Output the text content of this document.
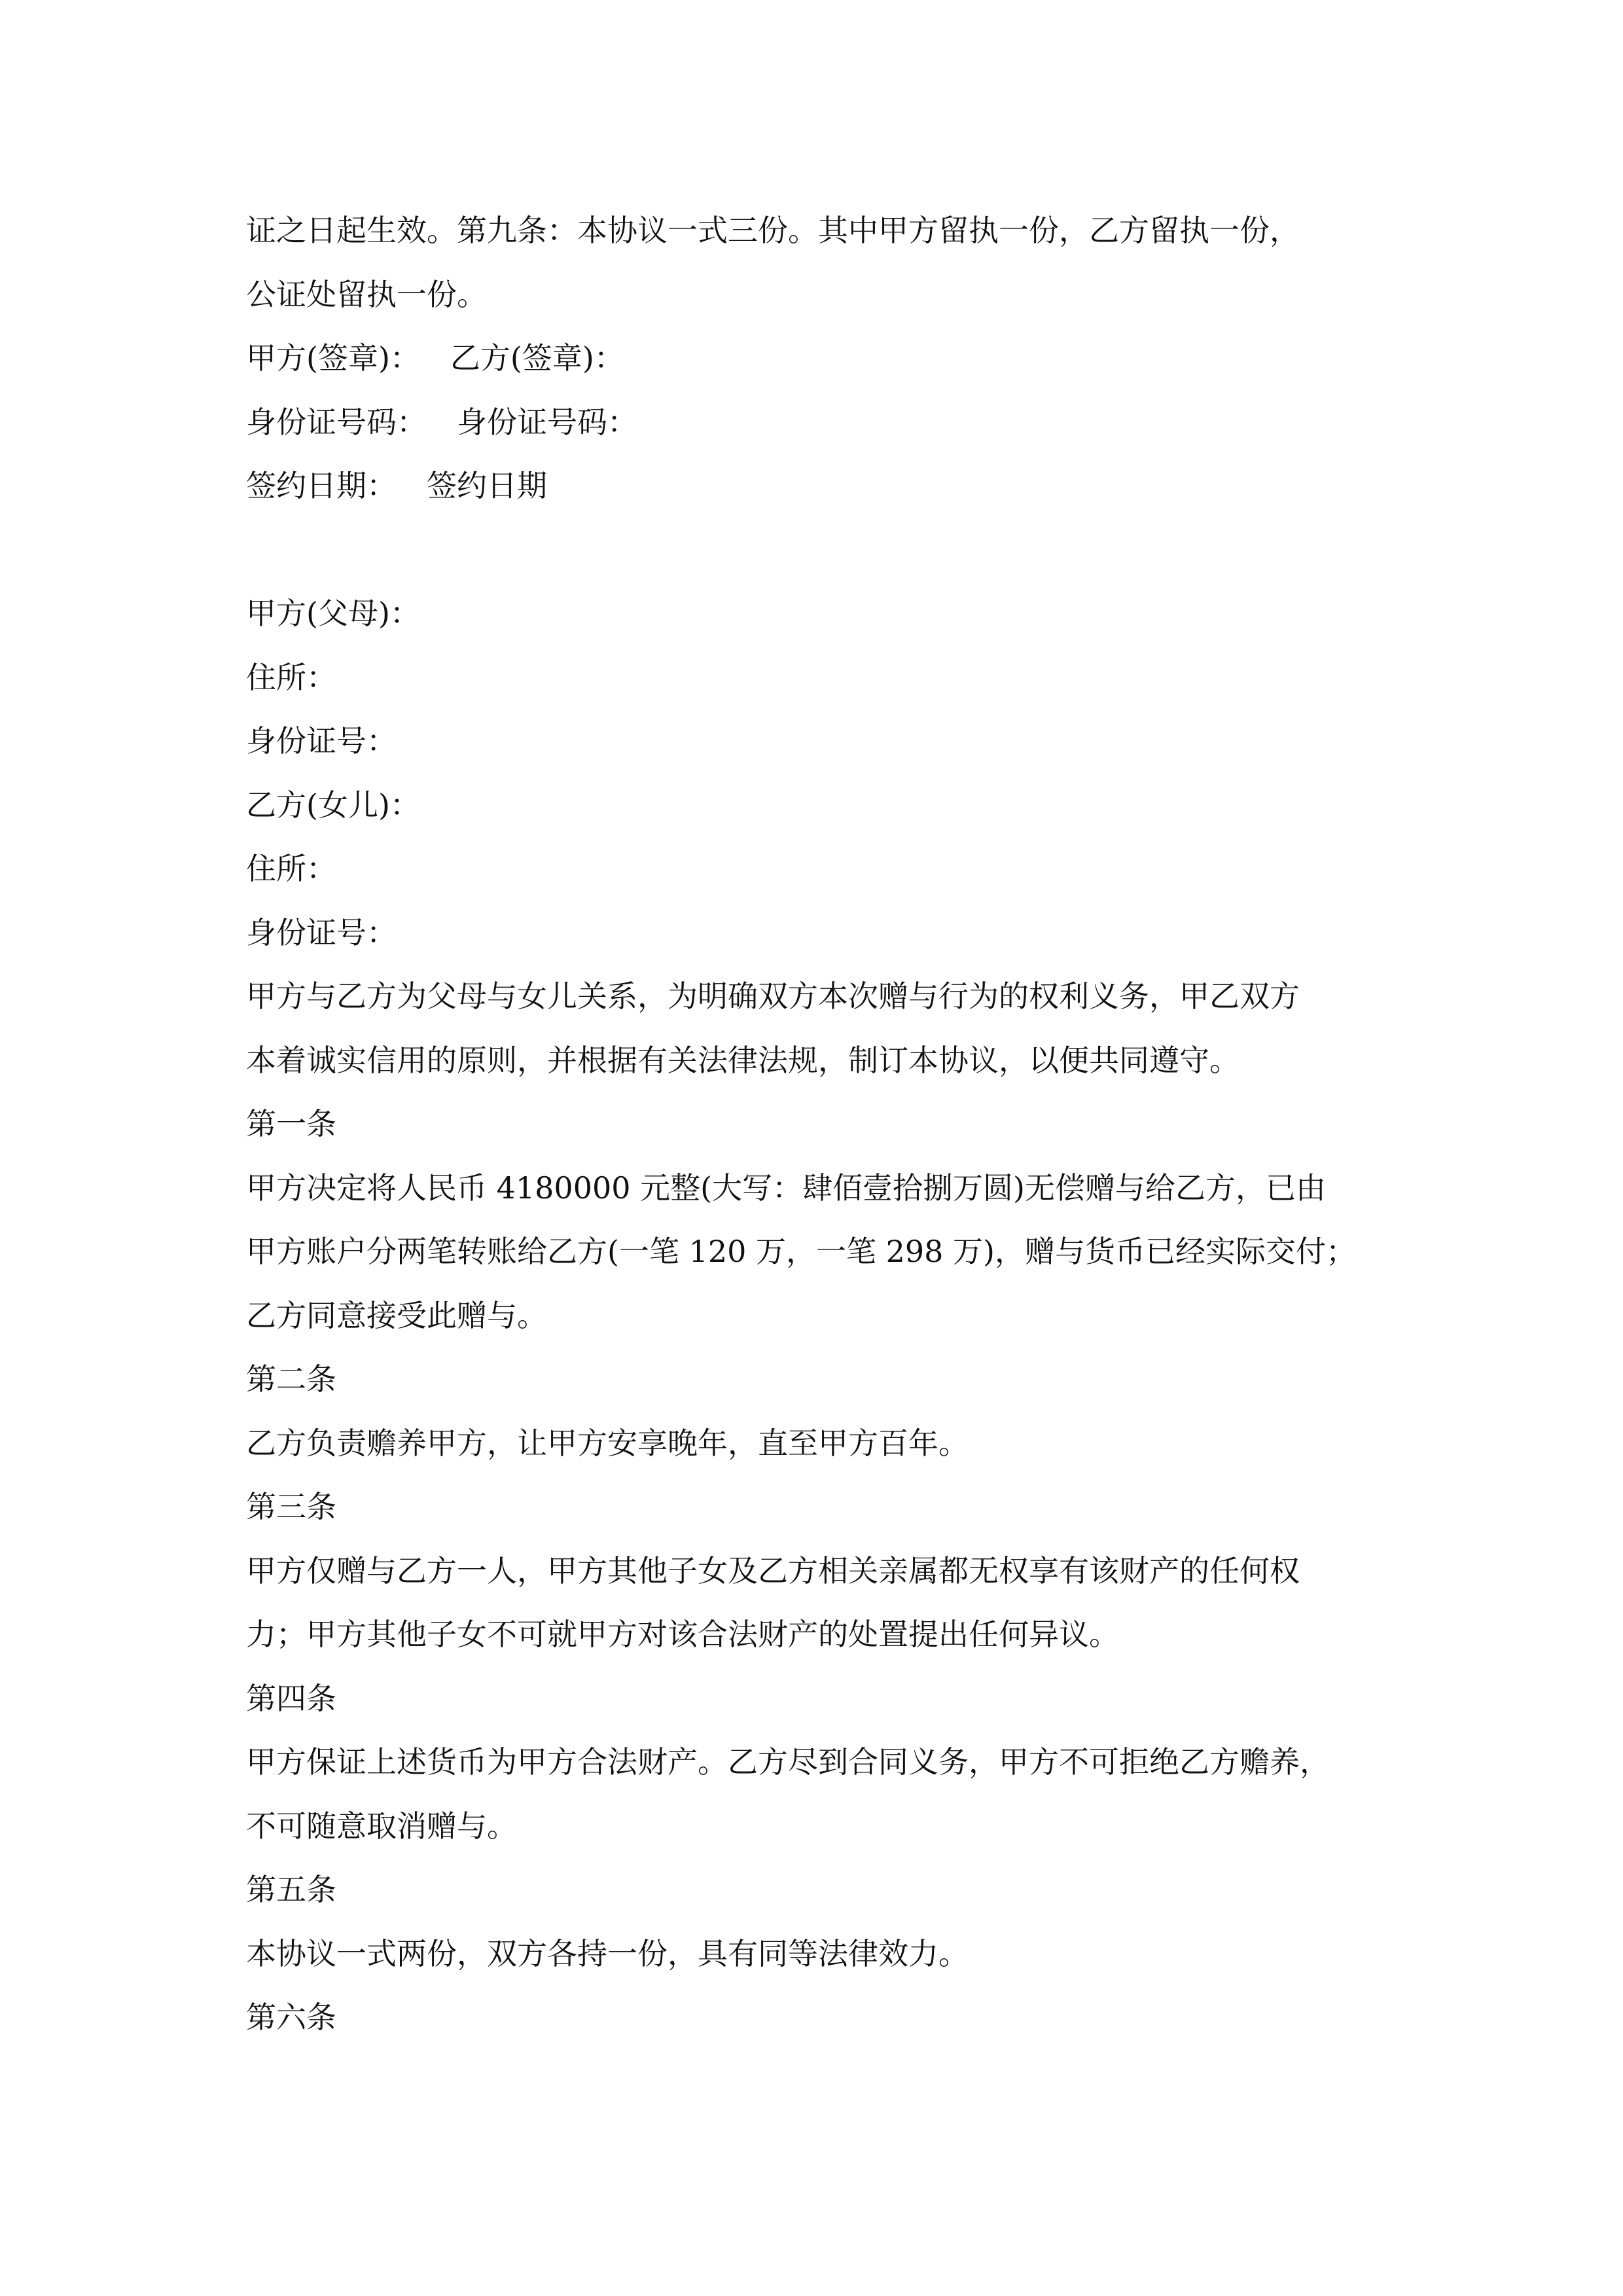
证之日起生效。第九条：本协议一式三份。其中甲方留执一份，乙方留执一份，

公证处留执一份。

甲方(签章)： 乙方(签章)：

身份证号码： 身份证号码：

签约日期： 签约日期

甲方(父母)：

住所：

身份证号：

乙方(女儿)：

住所：

身份证号：

甲方与乙方为父母与女儿关系，为明确双方本次赠与行为的权利义务，甲乙双方

本着诚实信用的原则，并根据有关法律法规，制订本协议，以便共同遵守。

第一条

甲方决定将人民币 4180000 元整(大写：肆佰壹拾捌万圆)无偿赠与给乙方，已由

甲方账户分两笔转账给乙方(一笔 120 万，一笔 298 万)，赠与货币已经实际交付；

乙方同意接受此赠与。

第二条

乙方负责赡养甲方，让甲方安享晚年，直至甲方百年。

第三条

甲方仅赠与乙方一人，甲方其他子女及乙方相关亲属都无权享有该财产的任何权

力；甲方其他子女不可就甲方对该合法财产的处置提出任何异议。

第四条

甲方保证上述货币为甲方合法财产。乙方尽到合同义务，甲方不可拒绝乙方赡养，

不可随意取消赠与。

第五条

本协议一式两份，双方各持一份，具有同等法律效力。

第六条
